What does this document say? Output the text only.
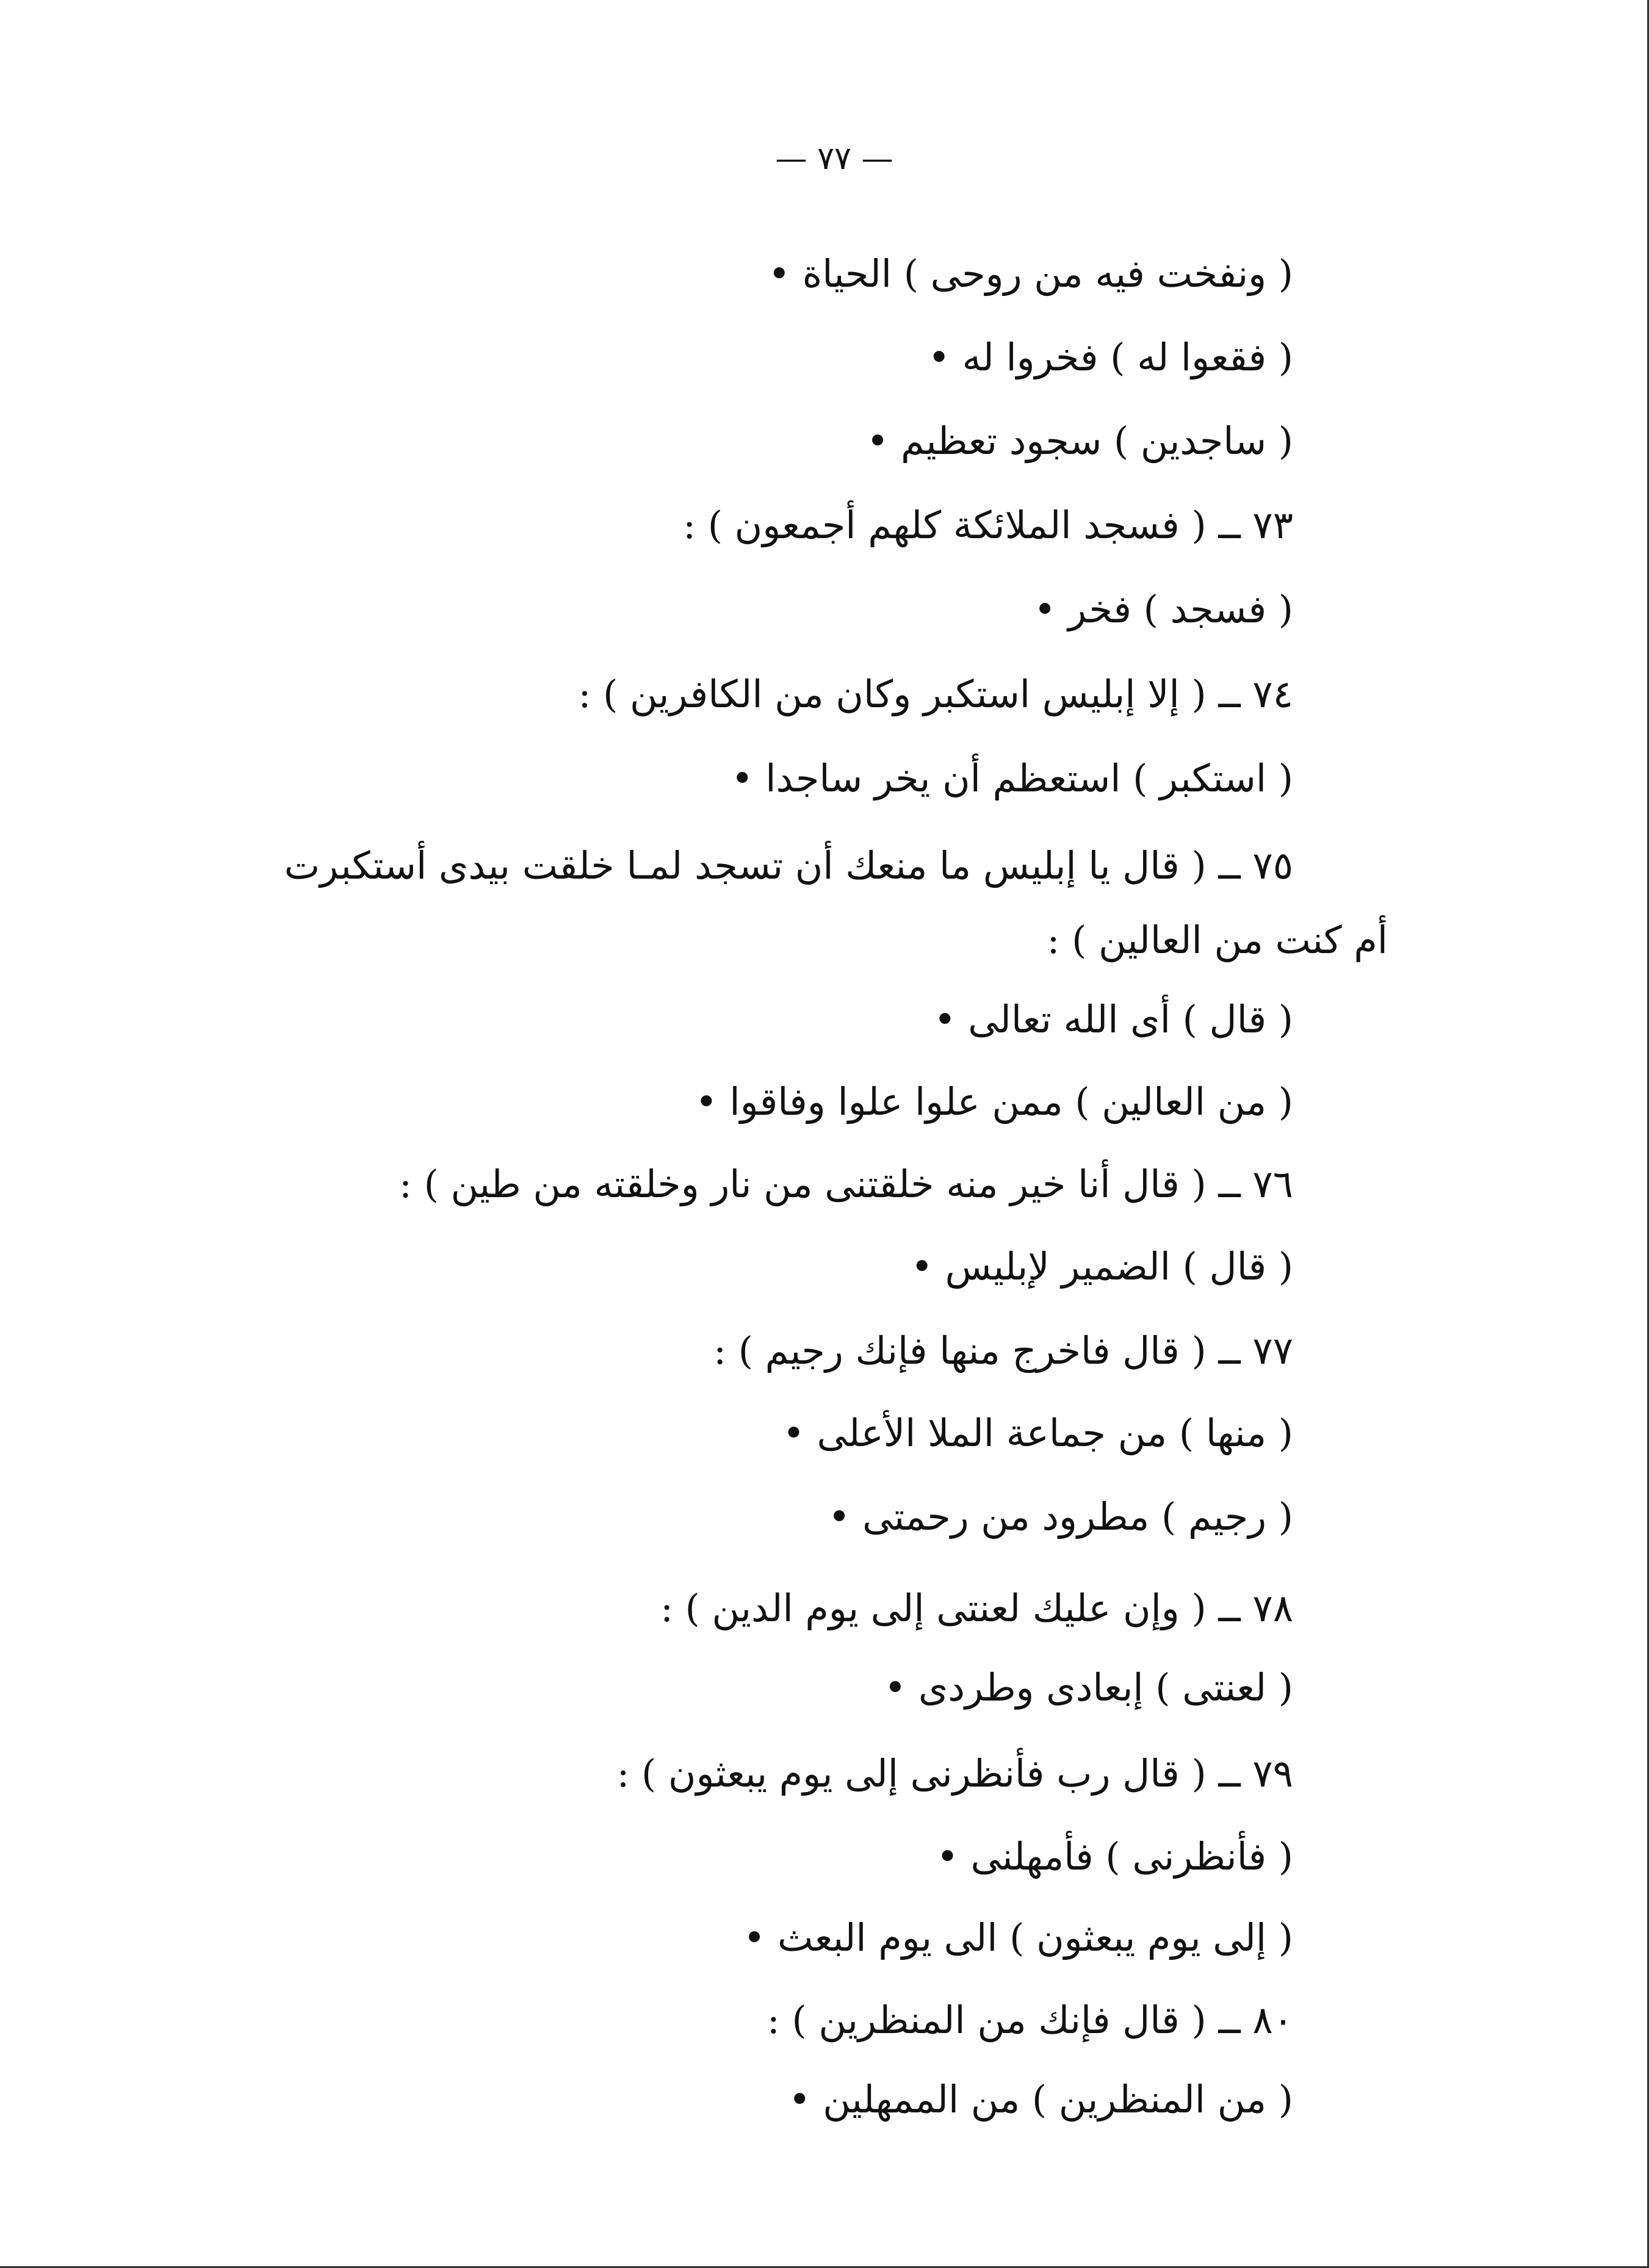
— ٧٧ —
( ونفخت فيه من روحى ) الحياة •
( فقعوا له ) فخروا له •
( ساجدين ) سجود تعظيم •
٧٣ ــ ( فسجد الملائكة كلهم أجمعون ) :
( فسجد ) فخر •
٧٤ ــ ( إلا إبليس استكبر وكان من الكافرين ) :
( استكبر ) استعظم أن يخر ساجدا •
٧٥ ــ ( قال يا إبليس ما منعك أن تسجد لمـا خلقت بيدى أستكبرت
أم كنت من العالين ) :
( قال ) أى الله تعالى •
( من العالين ) ممن علوا علوا وفاقوا •
٧٦ ــ ( قال أنا خير منه خلقتنى من نار وخلقته من طين ) :
( قال ) الضمير لإبليس •
٧٧ ــ ( قال فاخرج منها فإنك رجيم ) :
( منها ) من جماعة الملا الأعلى •
( رجيم ) مطرود من رحمتى •
٧٨ ــ ( وإن عليك لعنتى إلى يوم الدين ) :
( لعنتى ) إبعادى وطردى •
٧٩ ــ ( قال رب فأنظرنى إلى يوم يبعثون ) :
( فأنظرنى ) فأمهلنى •
( إلى يوم يبعثون ) الى يوم البعث •
٨٠ ــ ( قال فإنك من المنظرين ) :
( من المنظرين ) من الممهلين •
